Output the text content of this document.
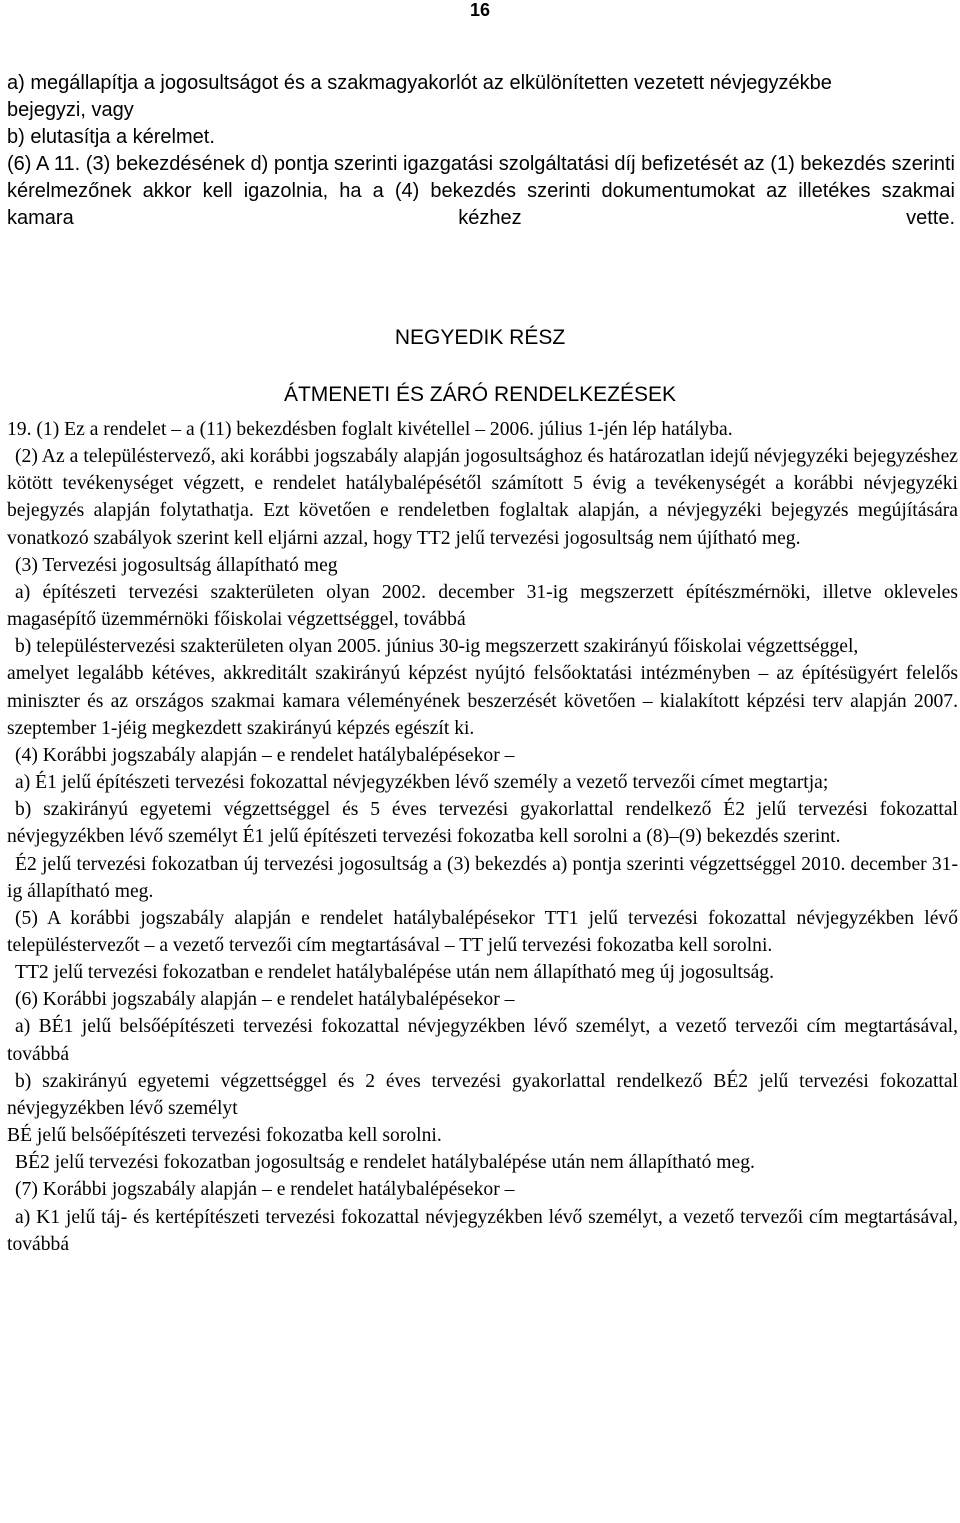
16

a) megállapítja a jogosultságot és a szakmagyakorlót az elkülönítetten vezetett névjegyzékbe

bejegyzi, vagy

b) elutasítja a kérelmet.

(6) A 11. (3) bekezdésének d) pontja szerinti igazgatási szolgáltatási díj befizetését az (1) bekezdés szerinti kérelmezőnek akkor kell igazolnia, ha a (4) bekezdés szerinti dokumentumokat az illetékes szakmai kamara kézhez vette.

NEGYEDIK RÉSZ
ÁTMENETI ÉS ZÁRÓ RENDELKEZÉSEK

19. (1) Ez a rendelet – a (11) bekezdésben foglalt kivétellel – 2006. július 1-jén lép hatályba.

(2) Az a településtervező, aki korábbi jogszabály alapján jogosultsághoz és határozatlan idejű névjegyzéki bejegyzéshez kötött tevékenységet végzett, e rendelet hatálybalépésétől számított 5 évig a tevékenységét a korábbi névjegyzéki bejegyzés alapján folytathatja. Ezt követően e rendeletben foglaltak alapján, a névjegyzéki bejegyzés megújítására vonatkozó szabályok szerint kell eljárni azzal, hogy TT2 jelű tervezési jogosultság nem újítható meg.

(3) Tervezési jogosultság állapítható meg

a) építészeti tervezési szakterületen olyan 2002. december 31-ig megszerzett építészmérnöki, illetve okleveles magasépítő üzemmérnöki főiskolai végzettséggel, továbbá

b) településtervezési szakterületen olyan 2005. június 30-ig megszerzett szakirányú főiskolai végzettséggel,

amelyet legalább kétéves, akkreditált szakirányú képzést nyújtó felsőoktatási intézményben – az építésügyért felelős miniszter és az országos szakmai kamara véleményének beszerzését követően – kialakított képzési terv alapján 2007. szeptember 1-jéig megkezdett szakirányú képzés egészít ki.

(4) Korábbi jogszabály alapján – e rendelet hatálybalépésekor –

a) É1 jelű építészeti tervezési fokozattal névjegyzékben lévő személy a vezető tervezői címet megtartja;

b) szakirányú egyetemi végzettséggel és 5 éves tervezési gyakorlattal rendelkező É2 jelű tervezési fokozattal névjegyzékben lévő személyt É1 jelű építészeti tervezési fokozatba kell sorolni a (8)–(9) bekezdés szerint.

É2 jelű tervezési fokozatban új tervezési jogosultság a (3) bekezdés a) pontja szerinti végzettséggel 2010. december 31-ig állapítható meg.

(5) A korábbi jogszabály alapján e rendelet hatálybalépésekor TT1 jelű tervezési fokozattal névjegyzékben lévő településtervezőt – a vezető tervezői cím megtartásával – TT jelű tervezési fokozatba kell sorolni.

TT2 jelű tervezési fokozatban e rendelet hatálybalépése után nem állapítható meg új jogosultság.

(6) Korábbi jogszabály alapján – e rendelet hatálybalépésekor –

a) BÉ1 jelű belsőépítészeti tervezési fokozattal névjegyzékben lévő személyt, a vezető tervezői cím megtartásával, továbbá

b) szakirányú egyetemi végzettséggel és 2 éves tervezési gyakorlattal rendelkező BÉ2 jelű tervezési fokozattal névjegyzékben lévő személyt

BÉ jelű belsőépítészeti tervezési fokozatba kell sorolni.

BÉ2 jelű tervezési fokozatban jogosultság e rendelet hatálybalépése után nem állapítható meg.

(7) Korábbi jogszabály alapján – e rendelet hatálybalépésekor –

a) K1 jelű táj- és kertépítészeti tervezési fokozattal névjegyzékben lévő személyt, a vezető tervezői cím megtartásával, továbbá
